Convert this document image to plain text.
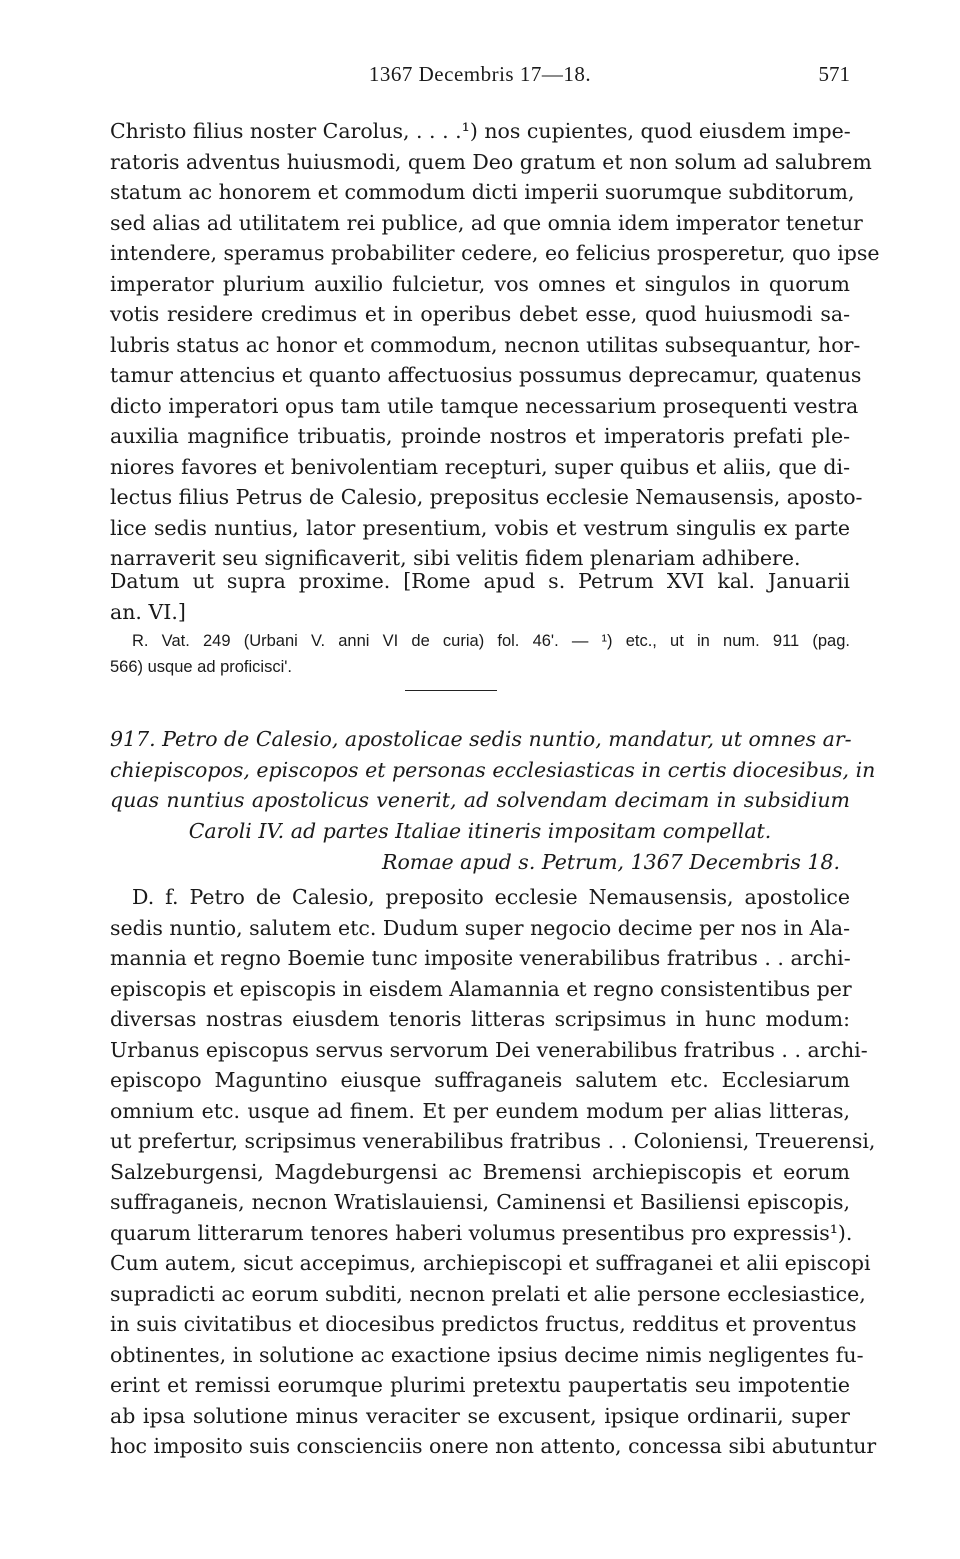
1367 Decembris 17—18.	571
Christo filius noster Carolus, . . . .¹) nos cupientes, quod eiusdem impe-
ratoris adventus huiusmodi, quem Deo gratum et non solum ad salubrem
statum ac honorem et commodum dicti imperii suorumque subditorum,
sed alias ad utilitatem rei publice, ad que omnia idem imperator tenetur
intendere, speramus probabiliter cedere, eo felicius prosperetur, quo ipse
imperator plurium auxilio fulcietur, vos omnes et singulos in quorum
votis residere credimus et in operibus debet esse, quod huiusmodi sa-
lubris status ac honor et commodum, necnon utilitas subsequantur, hor-
tamur attencius et quanto affectuosius possumus deprecamur, quatenus
dicto imperatori opus tam utile tamque necessarium prosequenti vestra
auxilia magnifice tribuatis, proinde nostros et imperatoris prefati ple-
niores favores et benivolentiam recepturi, super quibus et aliis, que di-
lectus filius Petrus de Calesio, prepositus ecclesie Nemausensis, aposto-
lice sedis nuntius, lator presentium, vobis et vestrum singulis ex parte
narraverit seu significaverit, sibi velitis fidem plenariam adhibere.
Datum ut supra proxime. [Rome apud s. Petrum XVI kal. Januarii
an. VI.]
R. Vat. 249 (Urbani V. anni VI de curia) fol. 46'. — ¹) etc., ut in num. 911 (pag.
566) usque ad proficisci'.
917. Petro de Calesio, apostolicae sedis nuntio, mandatur, ut omnes ar-
chiepiscopos, episcopos et personas ecclesiasticas in certis diocesibus, in
quas nuntius apostolicus venerit, ad solvendam decimam in subsidium
Caroli IV. ad partes Italiae itineris impositam compellat.
Romae apud s. Petrum, 1367 Decembris 18.
D. f. Petro de Calesio, preposito ecclesie Nemausensis, apostolice
sedis nuntio, salutem etc. Dudum super negocio decime per nos in Ala-
mannia et regno Boemie tunc imposite venerabilibus fratribus . . archi-
episcopis et episcopis in eisdem Alamannia et regno consistentibus per
diversas nostras eiusdem tenoris litteras scripsimus in hunc modum:
Urbanus episcopus servus servorum Dei venerabilibus fratribus . . archi-
episcopo Maguntino eiusque suffraganeis salutem etc. Ecclesiarum
omnium etc. usque ad finem. Et per eundem modum per alias litteras,
ut prefertur, scripsimus venerabilibus fratribus . . Coloniensi, Treuerensi,
Salzeburgensi, Magdeburgensi ac Bremensi archiepiscopis et eorum
suffraganeis, necnon Wratislauiensi, Caminensi et Basiliensi episcopis,
quarum litterarum tenores haberi volumus presentibus pro expressis¹).
Cum autem, sicut accepimus, archiepiscopi et suffraganei et alii episcopi
supradicti ac eorum subditi, necnon prelati et alie persone ecclesiastice,
in suis civitatibus et diocesibus predictos fructus, redditus et proventus
obtinentes, in solutione ac exactione ipsius decime nimis negligentes fu-
erint et remissi eorumque plurimi pretextu paupertatis seu impotentie
ab ipsa solutione minus veraciter se excusent, ipsique ordinarii, super
hoc imposito suis conscienciis onere non attento, concessa sibi abutuntur
